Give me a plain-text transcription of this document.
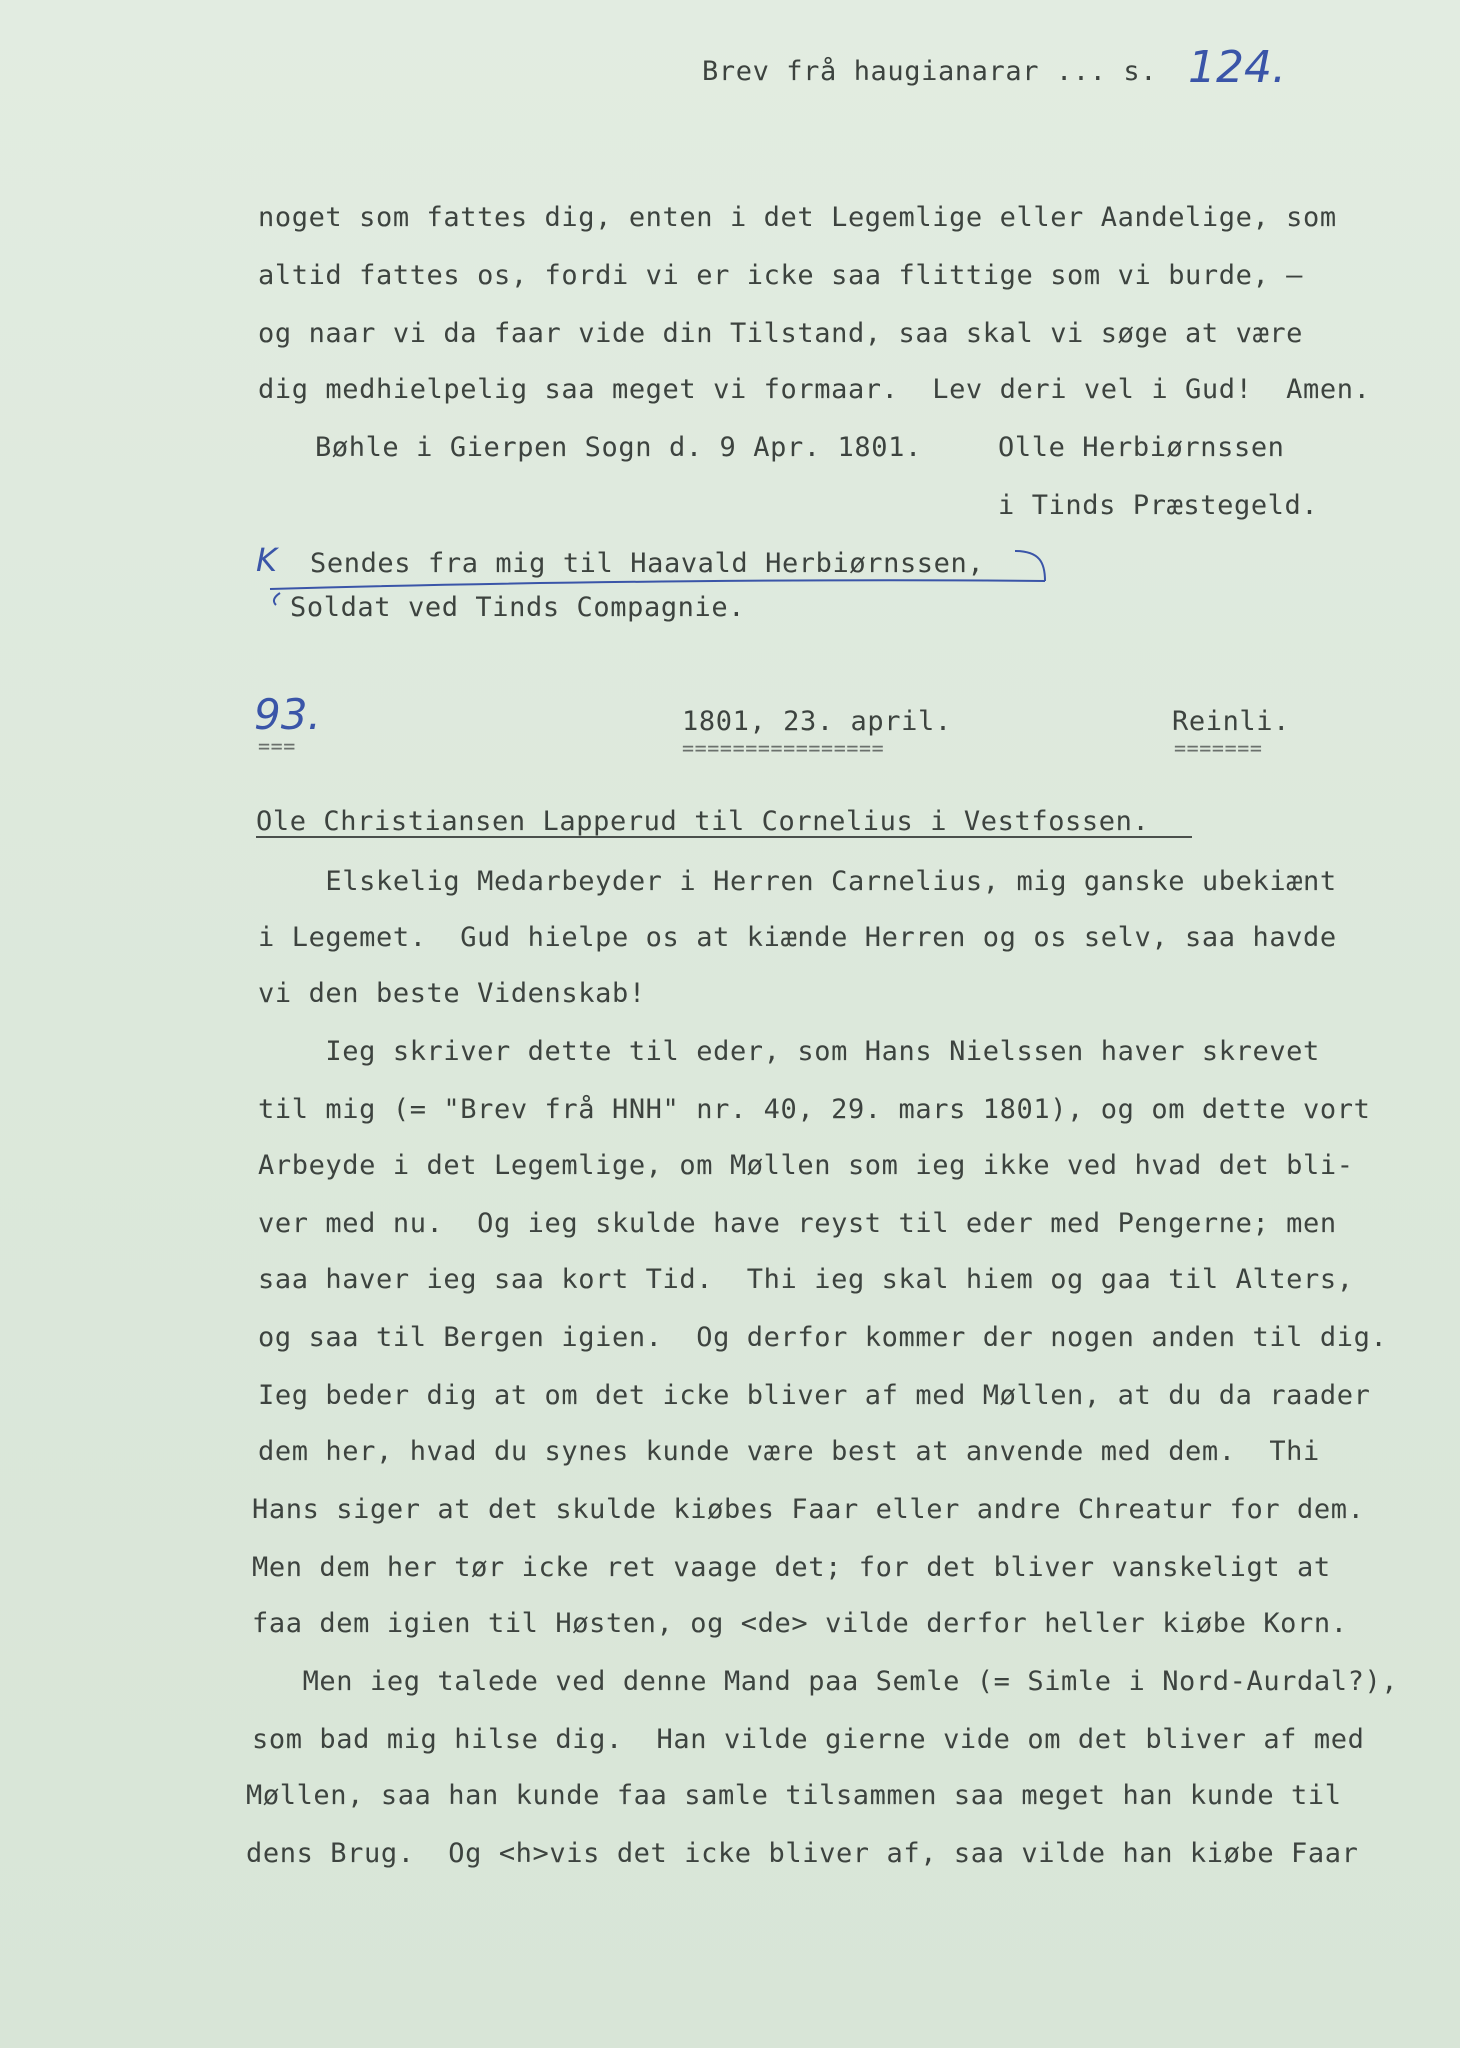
Brev frå haugianarar ... s. 124.
noget som fattes dig, enten i det Legemlige eller Aandelige, som
altid fattes os, fordi vi er icke saa flittige som vi burde, —
og naar vi da faar vide din Tilstand, saa skal vi søge at være
dig medhielpelig saa meget vi formaar.  Lev deri vel i Gud!  Amen.
Bøhle i Gierpen Sogn d. 9 Apr. 1801.	Olle Herbiørnssen
i Tinds Præstegeld.
K Sendes fra mig til Haavald Herbiørnssen,
Soldat ved Tinds Compagnie.
93.
===
1801, 23. april.
================
Reinli.
=======
Ole Christiansen Lapperud til Cornelius i Vestfossen.
Elskelig Medarbeyder i Herren Carnelius, mig ganske ubekiænt
i Legemet.  Gud hielpe os at kiænde Herren og os selv, saa havde
vi den beste Videnskab!
Ieg skriver dette til eder, som Hans Nielssen haver skrevet
til mig (= "Brev frå HNH" nr. 40, 29. mars 1801), og om dette vort
Arbeyde i det Legemlige, om Møllen som ieg ikke ved hvad det bli-
ver med nu.  Og ieg skulde have reyst til eder med Pengerne; men
saa haver ieg saa kort Tid.  Thi ieg skal hiem og gaa til Alters,
og saa til Bergen igien.  Og derfor kommer der nogen anden til dig.
Ieg beder dig at om det icke bliver af med Møllen, at du da raader
dem her, hvad du synes kunde være best at anvende med dem.  Thi
Hans siger at det skulde kiøbes Faar eller andre Chreatur for dem.
Men dem her tør icke ret vaage det; for det bliver vanskeligt at
faa dem igien til Høsten, og <de> vilde derfor heller kiøbe Korn.
Men ieg talede ved denne Mand paa Semle (= Simle i Nord-Aurdal?),
som bad mig hilse dig.  Han vilde gierne vide om det bliver af med
Møllen, saa han kunde faa samle tilsammen saa meget han kunde til
dens Brug.  Og <h>vis det icke bliver af, saa vilde han kiøbe Faar
